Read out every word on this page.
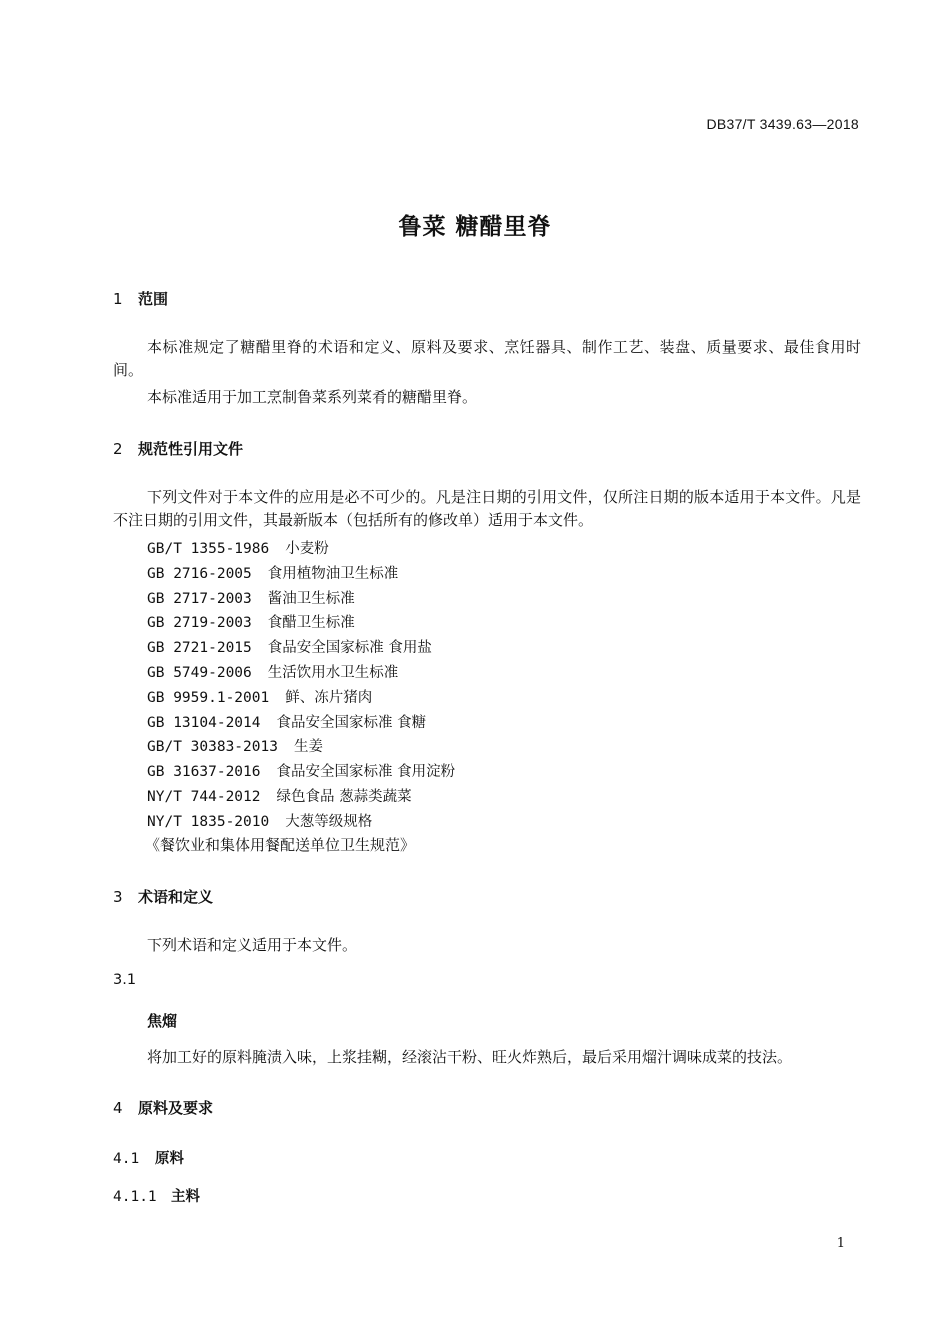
DB37/T 3439.63—2018
鲁菜 糖醋里脊
1 范围
本标准规定了糖醋里脊的术语和定义、原料及要求、烹饪器具、制作工艺、装盘、质量要求、最佳食用时间。
本标准适用于加工烹制鲁菜系列菜肴的糖醋里脊。
2 规范性引用文件
下列文件对于本文件的应用是必不可少的。凡是注日期的引用文件，仅所注日期的版本适用于本文件。凡是不注日期的引用文件，其最新版本（包括所有的修改单）适用于本文件。
GB/T 1355-1986 小麦粉
GB 2716-2005 食用植物油卫生标准
GB 2717-2003 酱油卫生标准
GB 2719-2003 食醋卫生标准
GB 2721-2015 食品安全国家标准 食用盐
GB 5749-2006 生活饮用水卫生标准
GB 9959.1-2001 鲜、冻片猪肉
GB 13104-2014 食品安全国家标准 食糖
GB/T 30383-2013 生姜
GB 31637-2016 食品安全国家标准 食用淀粉
NY/T 744-2012 绿色食品 葱蒜类蔬菜
NY/T 1835-2010 大葱等级规格
《餐饮业和集体用餐配送单位卫生规范》
3 术语和定义
下列术语和定义适用于本文件。
3.1
焦熘
将加工好的原料腌渍入味，上浆挂糊，经滚沾干粉、旺火炸熟后，最后采用熘汁调味成菜的技法。
4 原料及要求
4.1 原料
4.1.1 主料
1
